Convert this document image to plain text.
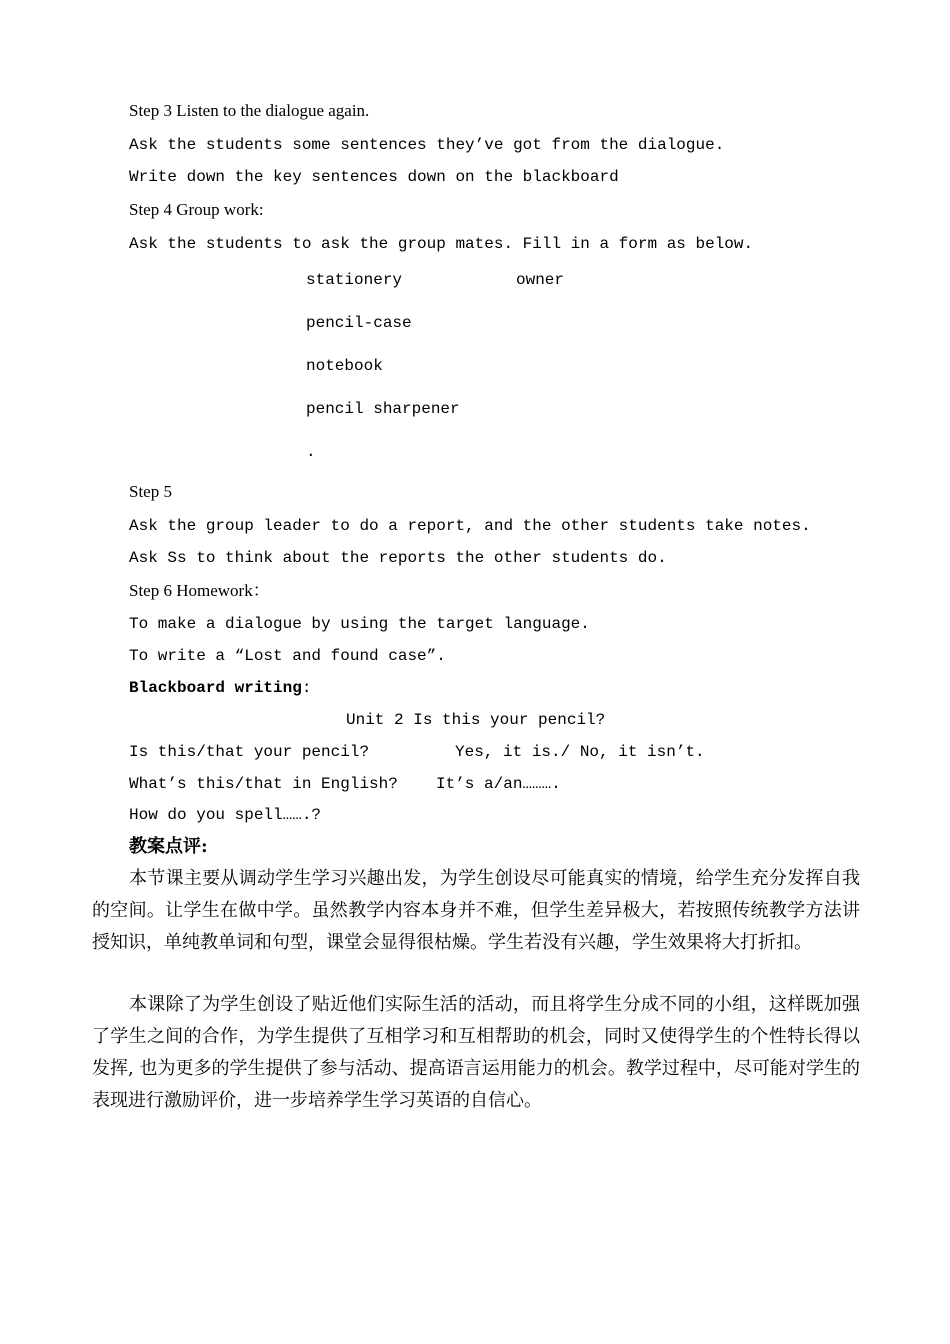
Step 3 Listen to the dialogue again.
Ask the students some sentences they’ve got from the dialogue.
Write down the key sentences down on the blackboard
Step 4 Group work:
Ask the students to ask the group mates. Fill in a form as below.
stationery	owner
pencil-case
notebook
pencil sharpener
.
Step 5
Ask the group leader to do a report, and the other students take notes.
Ask Ss to think about the reports the other students do.
Step 6 Homework：
To make a dialogue by using the target language.
To write a “Lost and found case”.
Blackboard writing:
Unit 2 Is this your pencil?
Is this/that your pencil?	Yes, it is./ No, it isn’t.
What’s this/that in English? It’s a/an……….
How do you spell…….?
教案点评:
本节课主要从调动学生学习兴趣出发，为学生创设尽可能真实的情境，给学生充分发挥自我的空间。让学生在做中学。虽然教学内容本身并不难，但学生差异极大，若按照传统教学方法讲授知识，单纯教单词和句型，课堂会显得很枯燥。学生若没有兴趣，学生效果将大打折扣。
本课除了为学生创设了贴近他们实际生活的活动，而且将学生分成不同的小组，这样既加强了学生之间的合作，为学生提供了互相学习和互相帮助的机会，同时又使得学生的个性特长得以发挥, 也为更多的学生提供了参与活动、提高语言运用能力的机会。教学过程中，尽可能对学生的表现进行激励评价，进一步培养学生学习英语的自信心。
